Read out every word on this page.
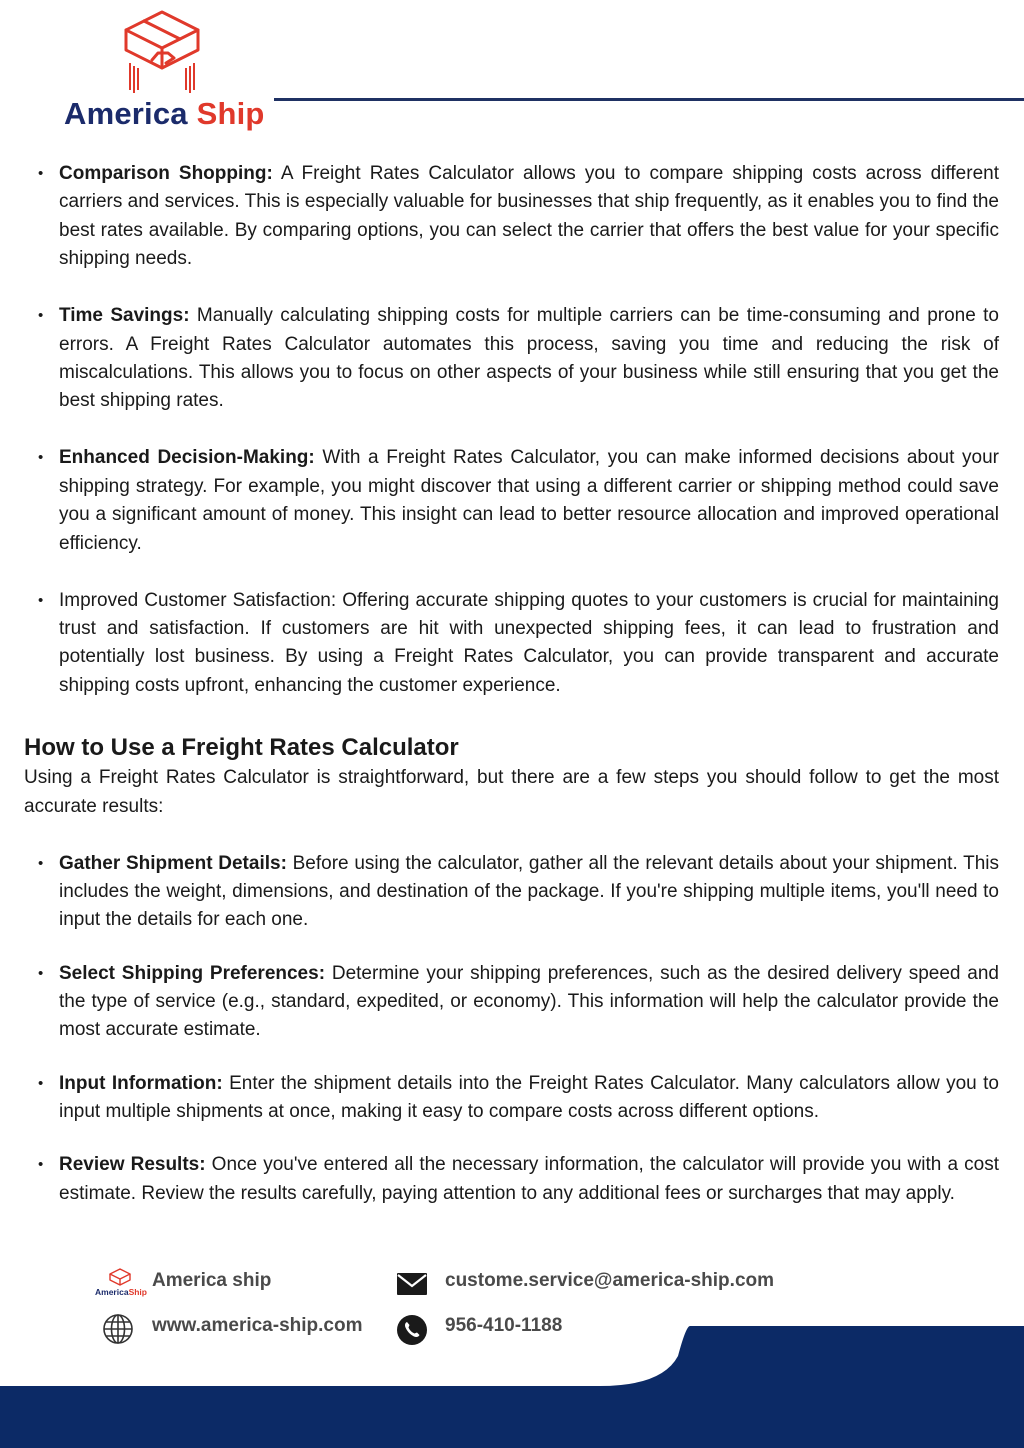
America Ship
• Comparison Shopping: A Freight Rates Calculator allows you to compare shipping costs across different carriers and services. This is especially valuable for businesses that ship frequently, as it enables you to find the best rates available. By comparing options, you can select the carrier that offers the best value for your specific shipping needs.
• Time Savings: Manually calculating shipping costs for multiple carriers can be time-consuming and prone to errors. A Freight Rates Calculator automates this process, saving you time and reducing the risk of miscalculations. This allows you to focus on other aspects of your business while still ensuring that you get the best shipping rates.
• Enhanced Decision-Making: With a Freight Rates Calculator, you can make informed decisions about your shipping strategy. For example, you might discover that using a different carrier or shipping method could save you a significant amount of money. This insight can lead to better resource allocation and improved operational efficiency.
• Improved Customer Satisfaction: Offering accurate shipping quotes to your customers is crucial for maintaining trust and satisfaction. If customers are hit with unexpected shipping fees, it can lead to frustration and potentially lost business. By using a Freight Rates Calculator, you can provide transparent and accurate shipping costs upfront, enhancing the customer experience.
How to Use a Freight Rates Calculator

Using a Freight Rates Calculator is straightforward, but there are a few steps you should follow to get the most accurate results:

• Gather Shipment Details: Before using the calculator, gather all the relevant details about your shipment. This includes the weight, dimensions, and destination of the package. If you're shipping multiple items, you'll need to input the details for each one.
• Select Shipping Preferences: Determine your shipping preferences, such as the desired delivery speed and the type of service (e.g., standard, expedited, or economy). This information will help the calculator provide the most accurate estimate.
• Input Information: Enter the shipment details into the Freight Rates Calculator. Many calculators allow you to input multiple shipments at once, making it easy to compare costs across different options.
• Review Results: Once you've entered all the necessary information, the calculator will provide you with a cost estimate. Review the results carefully, paying attention to any additional fees or surcharges that may apply.
AmericaShip
America ship	custome.service@america-ship.com
www.america-ship.com	956-410-1188
